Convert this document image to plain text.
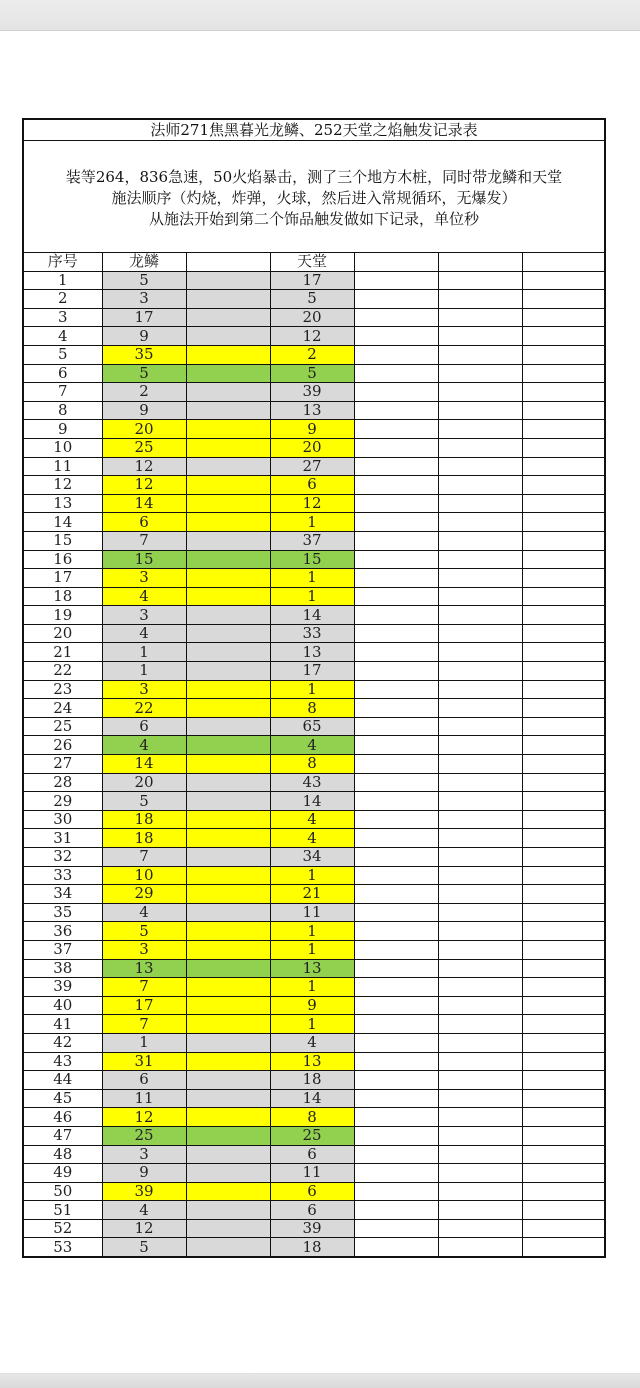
法师271焦黑暮光龙鳞、252天堂之焰触发记录表
装等264，836急速，50火焰暴击，测了三个地方木桩，同时带龙鳞和天堂
施法顺序（灼烧，炸弹，火球，然后进入常规循环，无爆发）
从施法开始到第二个饰品触发做如下记录，单位秒
序号	龙鳞		天堂			
1	5		17			
2	3		5			
3	17		20			
4	9		12			
5	35		2			
6	5		5			
7	2		39			
8	9		13			
9	20		9			
10	25		20			
11	12		27			
12	12		6			
13	14		12			
14	6		1			
15	7		37			
16	15		15			
17	3		1			
18	4		1			
19	3		14			
20	4		33			
21	1		13			
22	1		17			
23	3		1			
24	22		8			
25	6		65			
26	4		4			
27	14		8			
28	20		43			
29	5		14			
30	18		4			
31	18		4			
32	7		34			
33	10		1			
34	29		21			
35	4		11			
36	5		1			
37	3		1			
38	13		13			
39	7		1			
40	17		9			
41	7		1			
42	1		4			
43	31		13			
44	6		18			
45	11		14			
46	12		8			
47	25		25			
48	3		6			
49	9		11			
50	39		6			
51	4		6			
52	12		39			
53	5		18			
